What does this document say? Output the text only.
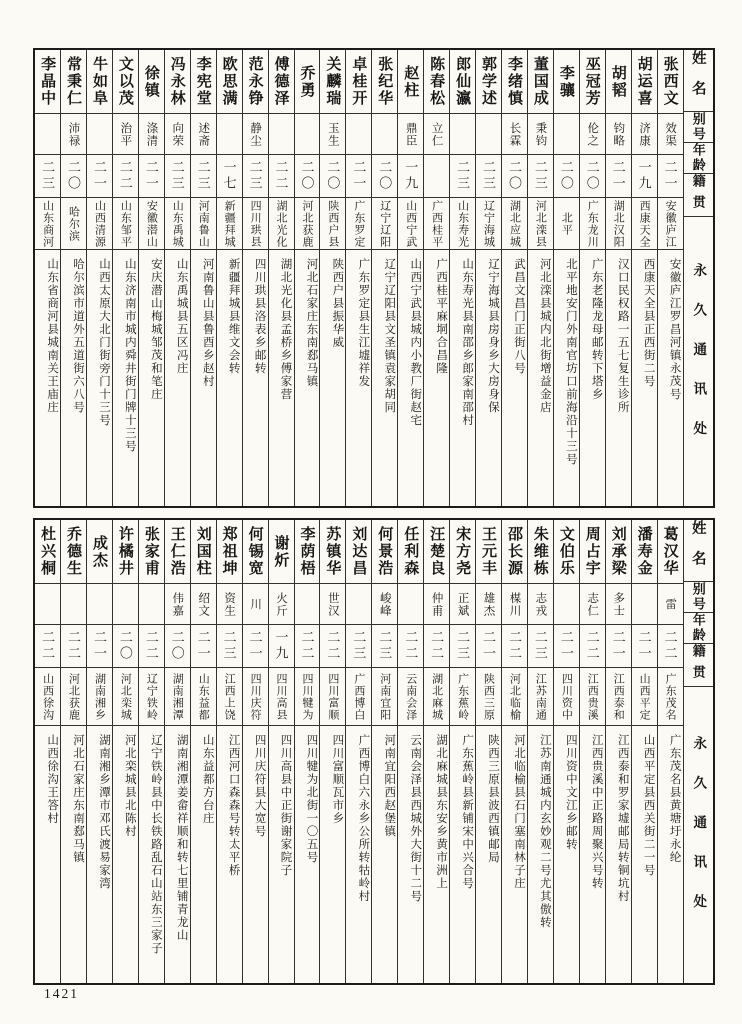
姓名
别号
年龄
籍贯
永久通讯处
张西文
效渠
二一
安徽庐江
安徽庐江罗昌河镇永茂号
胡运喜
济康
一九
西康天全
西康天全县正西街二号
胡韬
钧略
二一
湖北汉阳
汉口民权路一五七复生诊所
巫冠芳
伦之
二〇
广东龙川
广东老隆龙母邮转下塔乡
李骧
二〇
北平
北平地安门外南官坊口前海沿十三号
董国成
秉钧
二三
河北滦县
河北滦县城内北街增益金店
李绪慎
长霖
二〇
湖北应城
武昌文昌门正街八号
郭学述
二三
辽宁海城
辽宁海城县房身乡大房身保
郎仙瀛
二三
山东寿光
山东寿光县南邵乡郎家南邵村
陈春松
立仁
广西桂平
广西桂平麻垌合昌隆
赵柱
鼎臣
一九
山西宁武
山西宁武县城内小教厂街赵宅
张纪华
二〇
辽宁辽阳
辽宁辽阳县文圣镇袁家胡同
卓桂开
二一
广东罗定
广东罗定县生江墟祥发
关麟瑞
玉生
二〇
陕西户县
陕西户县振华威
乔勇
二〇
河北获鹿
河北石家庄东南郄马镇
傅德泽
二二
湖北光化
湖北光化县孟桥乡傅家营
范永铮
静尘
二三
四川珙县
四川珙县洛表乡邮转
欧思满
一七
新疆拜城
新疆拜城县维文会转
李宪堂
述斋
二三
河南鲁山
河南鲁山县鲁酉乡赵村
冯永林
向荣
二三
山东禹城
山东禹城县五区冯庄
徐镇
涤清
二一
安徽潜山
安庆潜山梅城邹茂和笔庄
文以茂
治平
二二
山东邹平
山东济南市城内舜井街门牌十三号
牛如阜
二一
山西清源
山西太原大北门街旁门十三号
常秉仁
沛禄
二〇
哈尔滨
哈尔滨市道外五道街六八号
李晶中
二三
山东商河
山东省商河县城南关王庙庄
姓名
别号
年龄
籍贯
永久通讯处
葛汉华
雷
二二
广东茂名
广东茂名县黄塘圩永纶
潘寿金
二一
山西平定
山西平定县西关街二一号
刘承梁
多士
二一
江西泰和
江西泰和罗家墟邮局转铜坑村
周占宇
志仁
二二
江西贵溪
江西贵溪中正路周聚兴号转
文伯乐
二一
四川资中
四川资中文江乡邮转
朱维栋
志戎
二三
江苏南通
江苏南通城内玄妙观二号尤其傲转
邵长源
楳川
二二
河北临榆
河北临榆县石门塞南林子庄
王元丰
雄杰
二一
陕西三原
陕西三原县波西镇邮局
宋方尧
正斌
二三
广东蕉岭
广东蕉岭县新铺宋中兴合号
汪楚良
仲甫
二二
湖北麻城
湖北麻城县东安乡黄市洲上
任利森
二二
云南会泽
云南会泽县西城外大街十二号
何景浩
峻峰
二三
河南宜阳
河南宜阳西赵堡镇
刘达昌
二三
广西博白
广西博白六永乡公所转牯岭村
苏镇华
世汉
二二
四川富顺
四川富顺瓦市乡
李荫梧
二二
四川犍为
四川犍为北街一〇五号
谢炘
火斤
一九
四川高县
四川高县中正街谢家院子
何锡宽
川
二一
四川庆符
四川庆符县大宽号
郑祖坤
资生
二三
江西上饶
江西河口森森号转太平桥
刘国柱
绍文
二一
山东益都
山东益都方台庄
王仁浩
伟嘉
二〇
湖南湘潭
湖南湘潭姜畲祥顺和转七里铺青龙山
张家甫
二二
辽宁铁岭
辽宁铁岭县中长铁路乱石山站东三家子
许橘井
二〇
河北栾城
河北栾城县北陈村
成杰
二一
湖南湘乡
湖南湘乡潭市邓氏渡易家湾
乔德生
二二
河北获鹿
河北石家庄东南郄马镇
杜兴桐
二二
山西徐沟
山西徐沟王答村
1421
